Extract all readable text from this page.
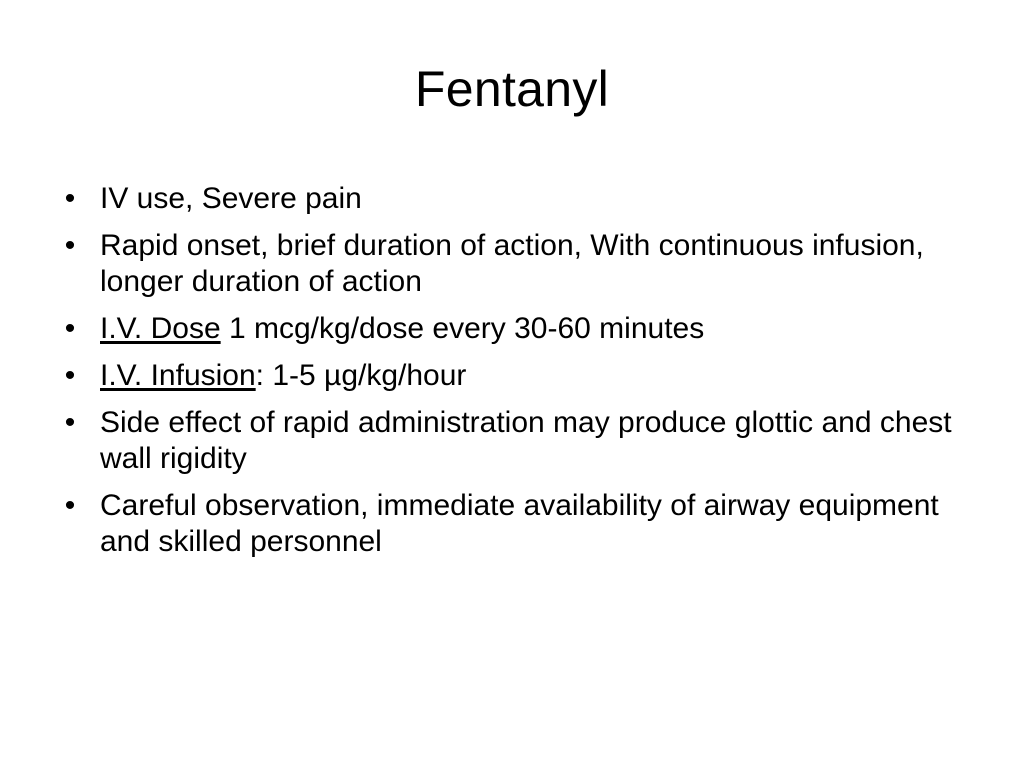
Fentanyl
• IV use, Severe pain
• Rapid onset, brief duration of action, With continuous infusion, longer duration of action
• I.V. Dose 1 mcg/kg/dose every 30-60 minutes
• I.V. Infusion: 1-5 µg/kg/hour
• Side effect of rapid administration may produce glottic and chest wall rigidity
• Careful observation, immediate availability of airway equipment and skilled personnel
